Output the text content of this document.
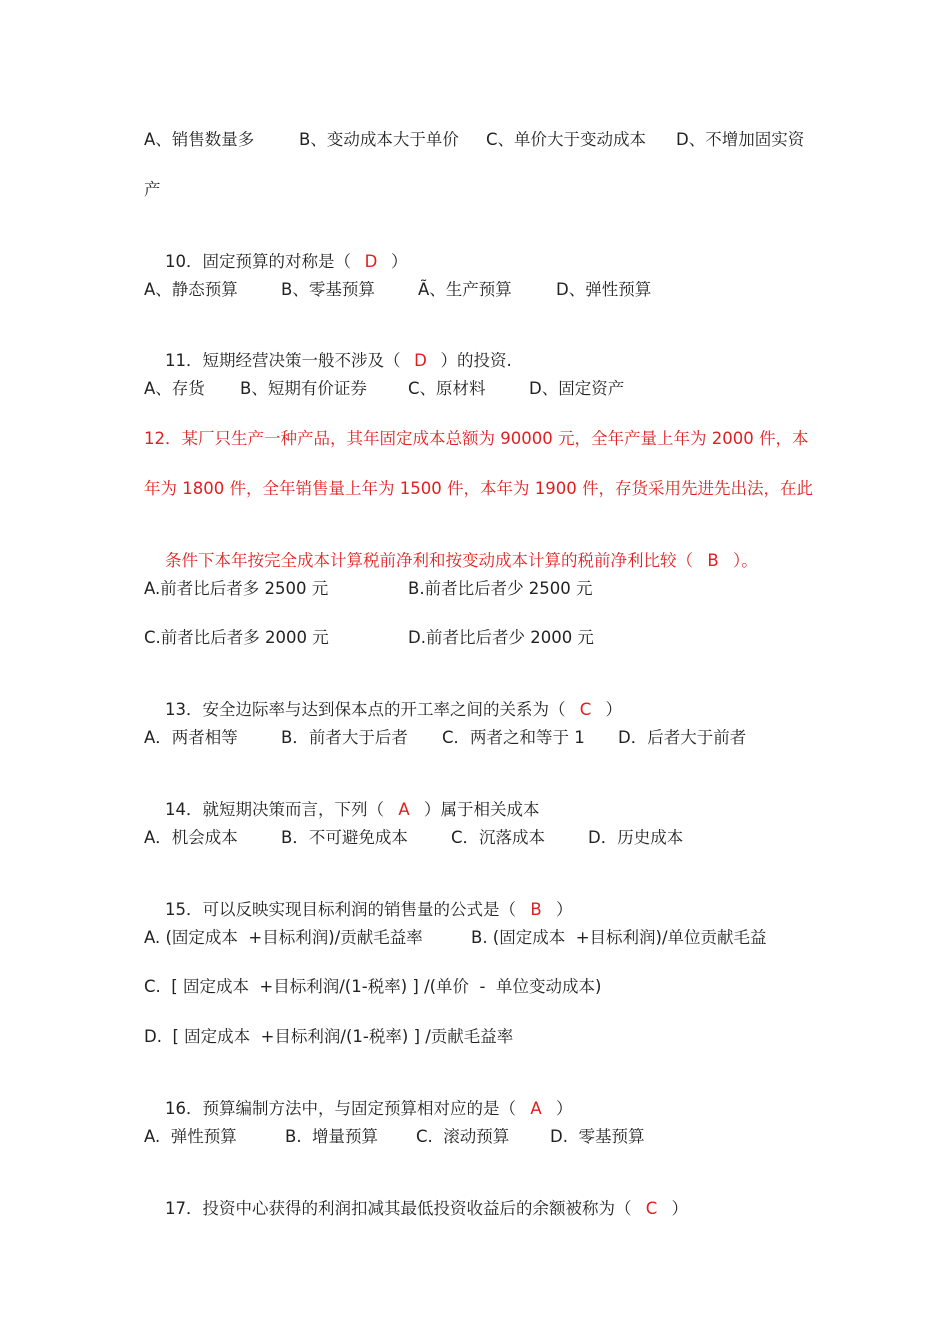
A、销售数量多

	B、变动成本大于单价

C、单价大于变动成本

D、不增加固实资

产

10．固定预算的对称是（ D ）

A、静态预算

	B、零基预算

	Ã、生产预算

	D、弹性预算

11．短期经营决策一般不涉及（ D ）的投资.

A、存货

B、短期有价证券

C、原材料

	D、固定资产

12．某厂只生产一种产品，其年固定成本总额为 90000 元，全年产量上年为 2000 件，本
年为 1800 件，全年销售量上年为 1500 件，本年为 1900 件，存货采用先进先出法，在此

条件下本年按完全成本计算税前净利和按变动成本计算的税前净利比较（ B ）。

A.前者比后者多 2500 元

	B.前者比后者少 2500 元

C.前者比后者多 2000 元

	D.前者比后者少 2000 元

13．安全边际率与达到保本点的开工率之间的关系为（ C ）

A．两者相等

	B．前者大于后者

C．两者之和等于 1

D．后者大于前者

14．就短期决策而言，下列（ A ）属于相关成本

A．机会成本

	B．不可避免成本

	C．沉落成本

	D．历史成本

15．可以反映实现目标利润的销售量的公式是（ B ）

A. (固定成本  +目标利润)/贡献毛益率

	B. (固定成本  +目标利润)/单位贡献毛益

C.  [ 固定成本  +目标利润/(1-税率) ] /(单价  -  单位变动成本)

D.  [ 固定成本  +目标利润/(1-税率) ] /贡献毛益率

16．预算编制方法中，与固定预算相对应的是（ A ）

A.  弹性预算

	B.  增量预算

C.  滚动预算

D.  零基预算

17．投资中心获得的利润扣减其最低投资收益后的余额被称为（ C ）
